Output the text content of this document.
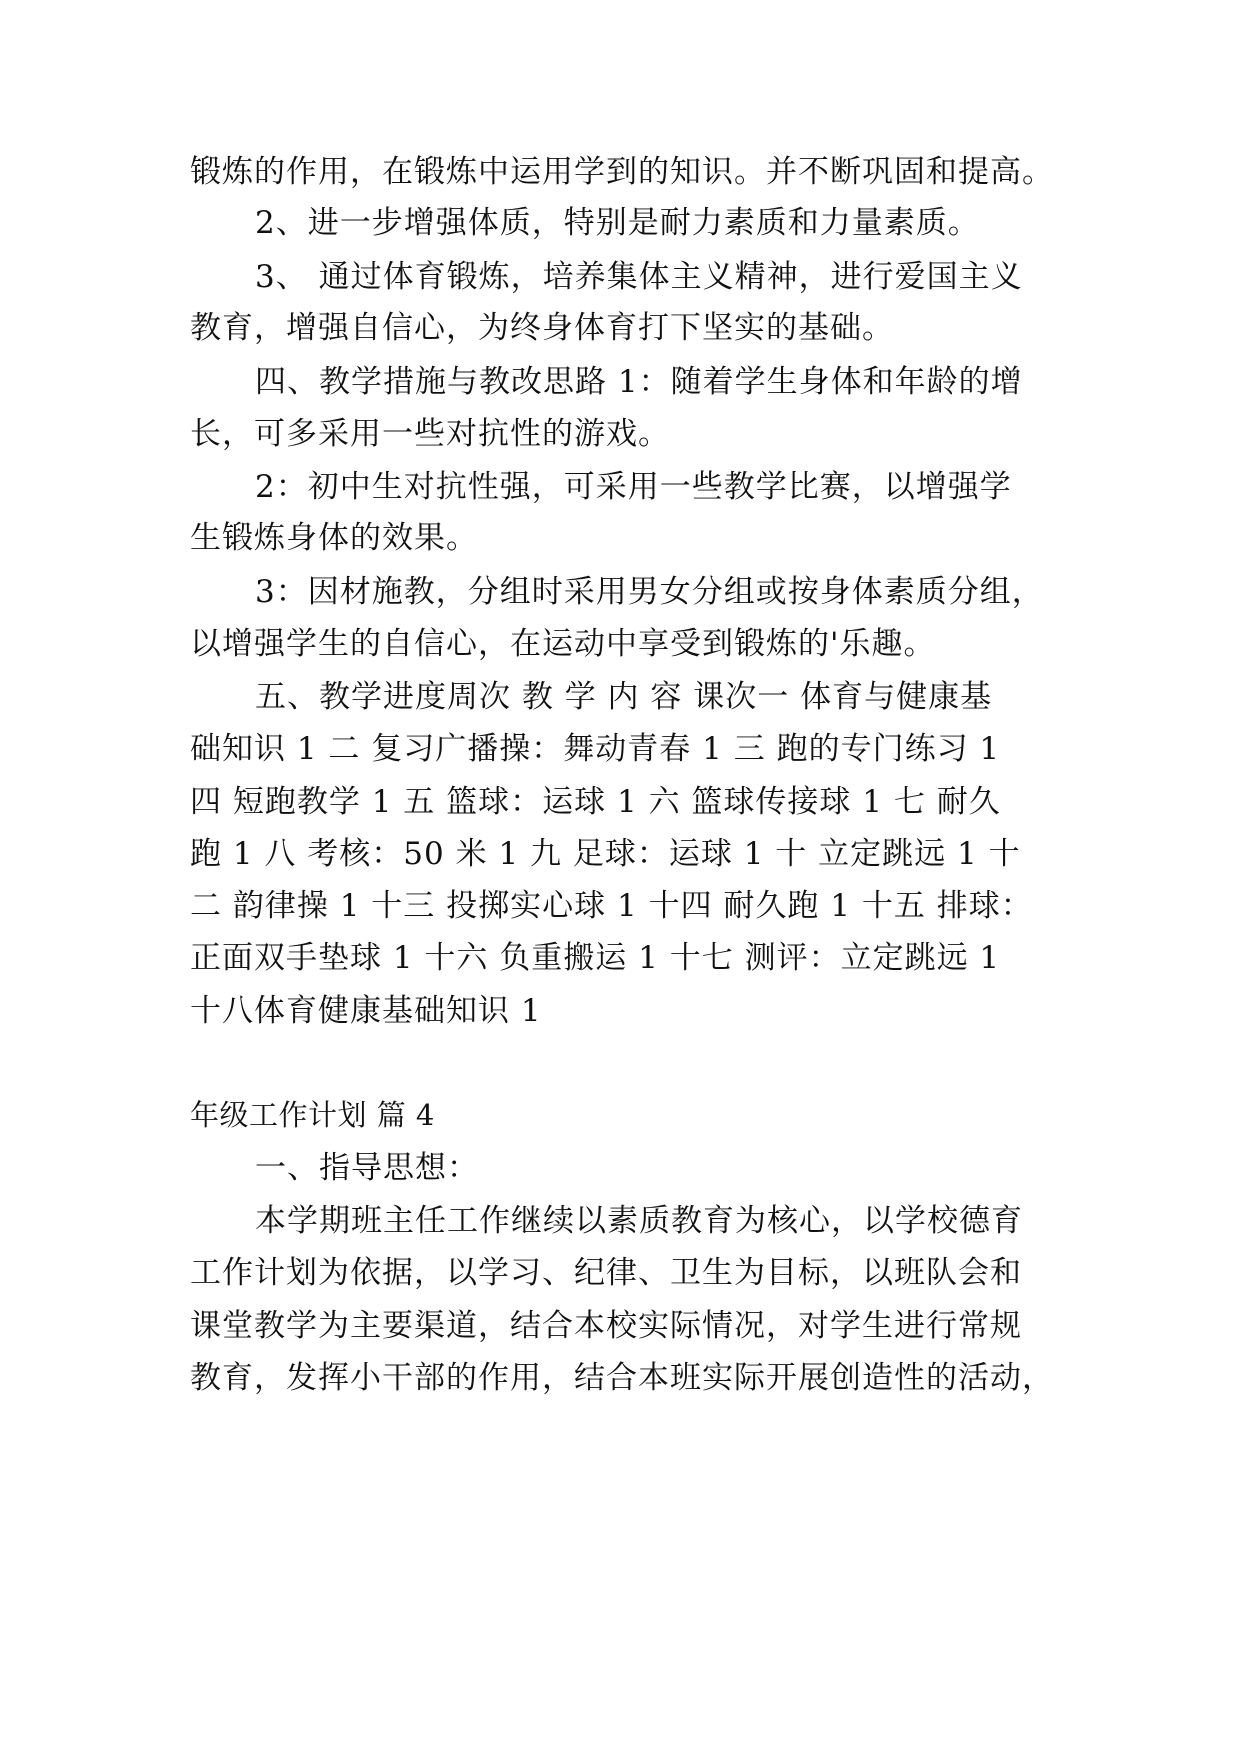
锻炼的作用，在锻炼中运用学到的知识。并不断巩固和提高。
2、进一步增强体质，特别是耐力素质和力量素质。
3、 通过体育锻炼，培养集体主义精神，进行爱国主义
教育，增强自信心，为终身体育打下坚实的基础。
四、教学措施与教改思路 1：随着学生身体和年龄的增
长，可多采用一些对抗性的游戏。
2：初中生对抗性强，可采用一些教学比赛，以增强学
生锻炼身体的效果。
3：因材施教，分组时采用男女分组或按身体素质分组，
以增强学生的自信心，在运动中享受到锻炼的'乐趣。
五、教学进度周次 教 学 内 容 课次一 体育与健康基
础知识 1 二 复习广播操：舞动青春 1 三 跑的专门练习 1
四 短跑教学 1 五 篮球：运球 1 六 篮球传接球 1 七 耐久
跑 1 八 考核：50 米 1 九 足球：运球 1 十 立定跳远 1 十
二 韵律操 1 十三 投掷实心球 1 十四 耐久跑 1 十五 排球：
正面双手垫球 1 十六 负重搬运 1 十七 测评：立定跳远 1
十八体育健康基础知识 1
年级工作计划 篇 4
一、指导思想：
本学期班主任工作继续以素质教育为核心，以学校德育
工作计划为依据，以学习、纪律、卫生为目标，以班队会和
课堂教学为主要渠道，结合本校实际情况，对学生进行常规
教育，发挥小干部的作用，结合本班实际开展创造性的活动，
